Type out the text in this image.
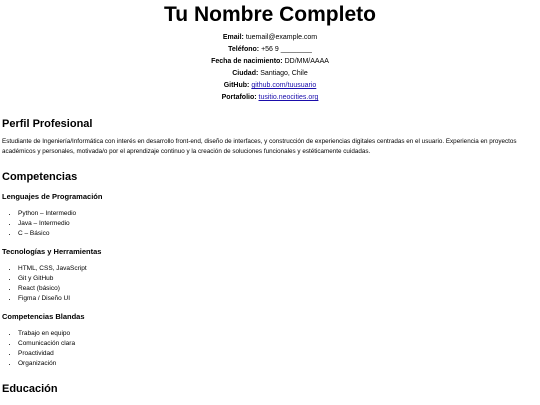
Tu Nombre Completo
Email: tuemail@example.com
Teléfono: +56 9 ________
Fecha de nacimiento: DD/MM/AAAA
Ciudad: Santiago, Chile
GitHub: github.com/tuusuario
Portafolio: tusitio.neocities.org
Perfil Profesional

Estudiante de Ingeniería/Informática con interés en desarrollo front-end, diseño de interfaces, y construcción de experiencias digitales centradas en el usuario. Experiencia en proyectos académicos y personales, motivada/o por el aprendizaje continuo y la creación de soluciones funcionales y estéticamente cuidadas.

Competencias
Lenguajes de Programación
• Python – Intermedio
• Java – Intermedio
• C – Básico
Tecnologías y Herramientas
• HTML, CSS, JavaScript
• Git y GitHub
• React (básico)
• Figma / Diseño UI
Competencias Blandas
• Trabajo en equipo
• Comunicación clara
• Proactividad
• Organización
Educación
